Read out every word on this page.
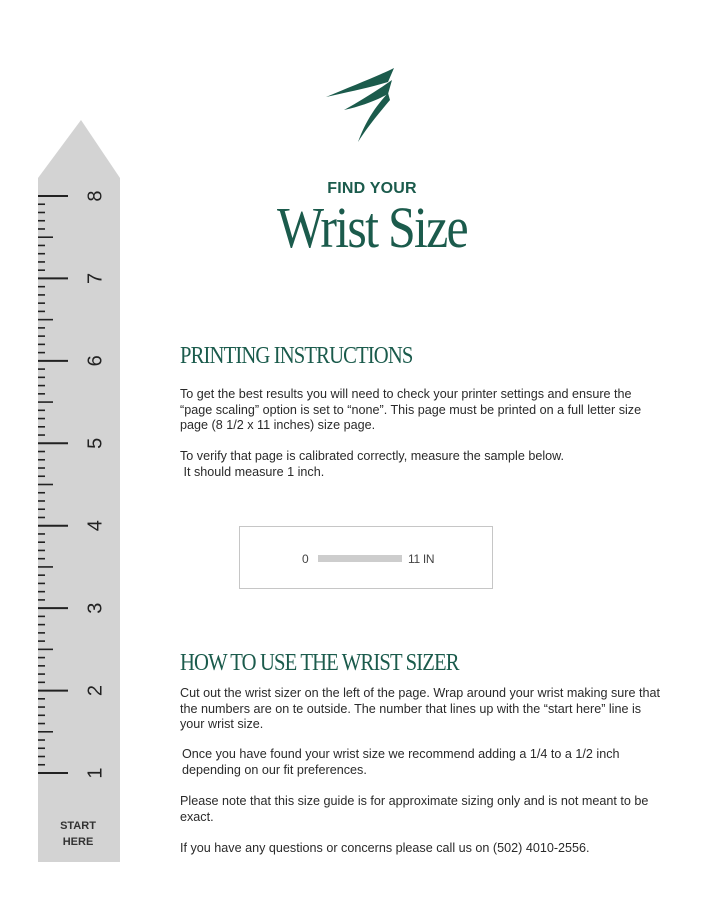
8
7
6
5
4
3
2
1
START
HERE
FIND YOUR
Wrist Size
PRINTING INSTRUCTIONS
To get the best results you will need to check your printer settings and ensure the “page scaling” option is set to “none”. This page must be printed on a full letter size page (8 1/2 x 11 inches) size page.
To verify that page is calibrated correctly, measure the sample below.
It should measure 1 inch.
0	11 IN
HOW TO USE THE WRIST SIZER
Cut out the wrist sizer on the left of the page. Wrap around your wrist making sure that the numbers are on te outside. The number that lines up with the “start here” line is your wrist size.
Once you have found your wrist size we recommend adding a 1/4 to a 1/2 inch depending on our fit preferences.
Please note that this size guide is for approximate sizing only and is not meant to be exact.
If you have any questions or concerns please call us on (502) 4010-2556.
